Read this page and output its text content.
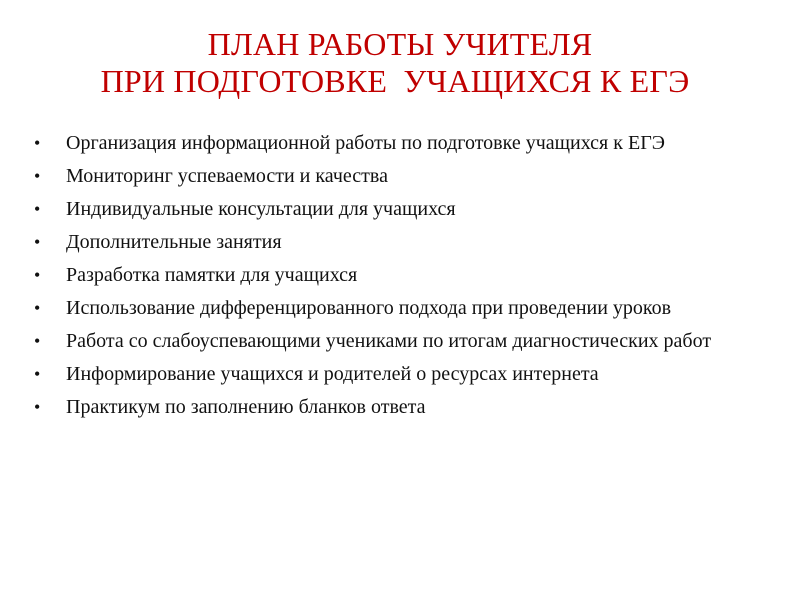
ПЛАН РАБОТЫ УЧИТЕЛЯ
ПРИ ПОДГОТОВКЕ  УЧАЩИХСЯ К ЕГЭ
• Организация информационной работы по подготовке учащихся к ЕГЭ
• Мониторинг успеваемости и качества
• Индивидуальные консультации для учащихся
• Дополнительные занятия
• Разработка памятки для учащихся
• Использование дифференцированного подхода при проведении уроков
• Работа со слабоуспевающими учениками по итогам диагностических работ
• Информирование учащихся и родителей о ресурсах интернета
• Практикум по заполнению бланков ответа
